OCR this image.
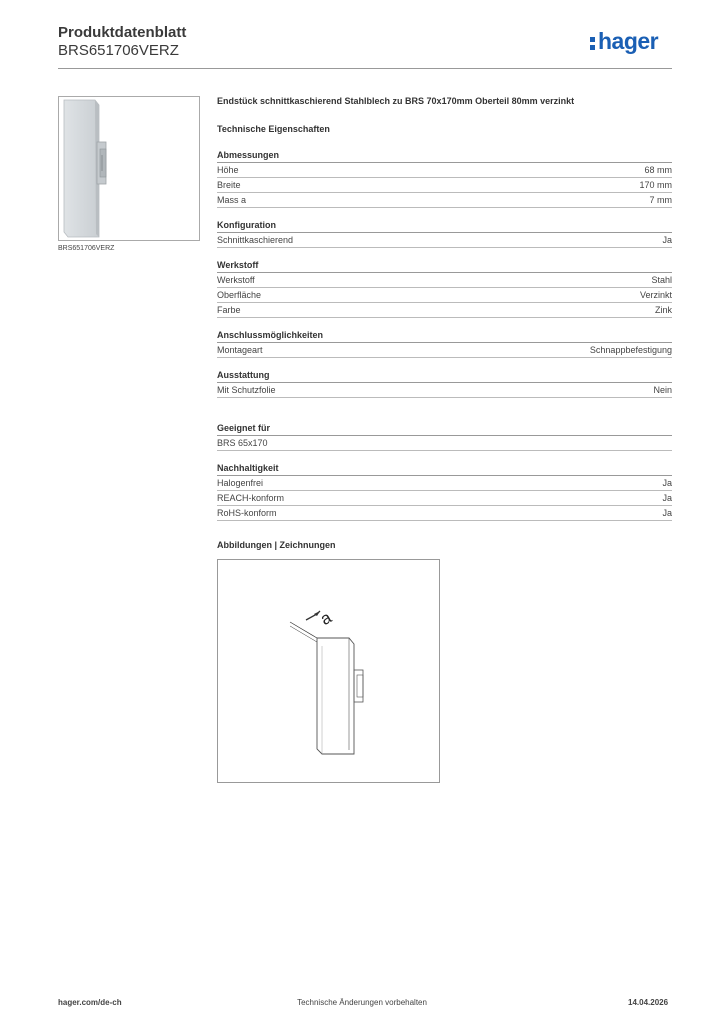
Produktdatenblatt
BRS651706VERZ	hager
BRS651706VERZ
Endstück schnittkaschierend Stahlblech zu BRS 70x170mm Oberteil 80mm verzinkt
Technische Eigenschaften
Abmessungen
Höhe	68 mm
Breite	170 mm
Mass a	7 mm
Konfiguration
Schnittkaschierend	Ja
Werkstoff
Werkstoff	Stahl
Oberfläche	Verzinkt
Farbe	Zink
Anschlussmöglichkeiten
Montageart	Schnappbefestigung
Ausstattung
Mit Schutzfolie	Nein
Geeignet für
BRS 65x170
Nachhaltigkeit
Halogenfrei	Ja
REACH-konform	Ja
RoHS-konform	Ja
Abbildungen | Zeichnungen
a
hager.com/de-ch	Technische Änderungen vorbehalten	14.04.2026
